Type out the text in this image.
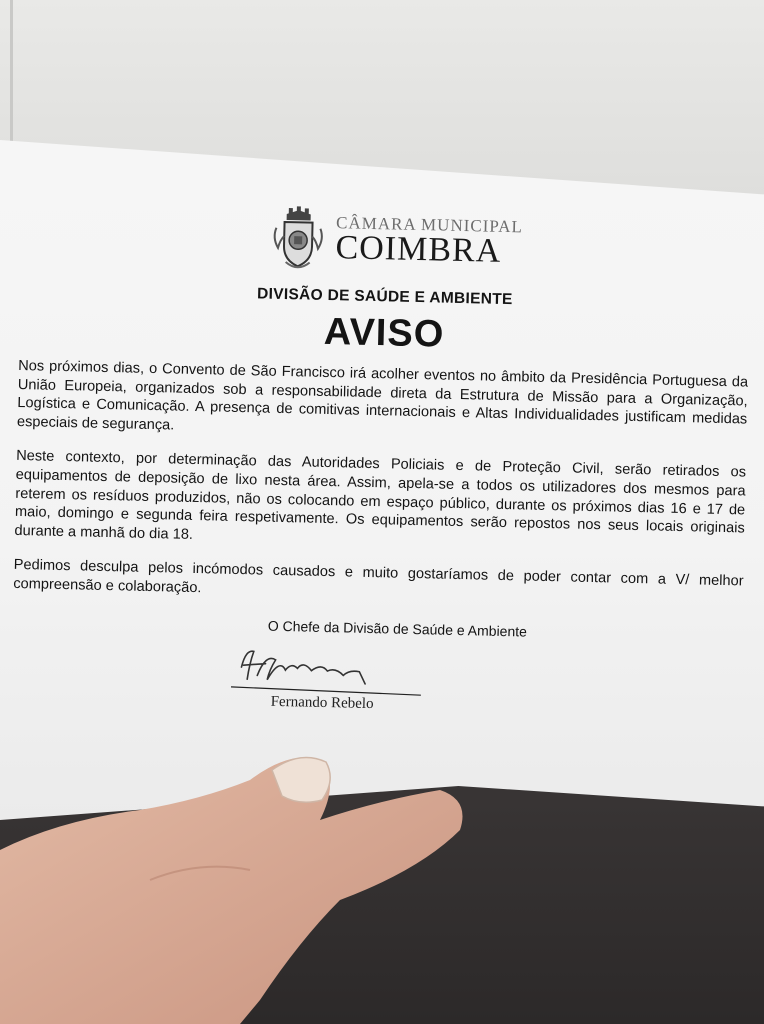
CÂMARA MUNICIPAL
COIMBRA
DIVISÃO DE SAÚDE E AMBIENTE
AVISO

Nos próximos dias, o Convento de São Francisco irá acolher eventos no âmbito da Presidência Portuguesa da União Europeia, organizados sob a responsabilidade direta da Estrutura de Missão para a Organização, Logística e Comunicação. A presença de comitivas internacionais e Altas Individualidades justificam medidas especiais de segurança.

Neste contexto, por determinação das Autoridades Policiais e de Proteção Civil, serão retirados os equipamentos de deposição de lixo nesta área. Assim, apela-se a todos os utilizadores dos mesmos para reterem os resíduos produzidos, não os colocando em espaço público, durante os próximos dias 16 e 17 de maio, domingo e segunda feira respetivamente. Os equipamentos serão repostos nos seus locais originais durante a manhã do dia 18.

Pedimos desculpa pelos incómodos causados e muito gostaríamos de poder contar com a V/ melhor compreensão e colaboração.

O Chefe da Divisão de Saúde e Ambiente
Fernando Rebelo
